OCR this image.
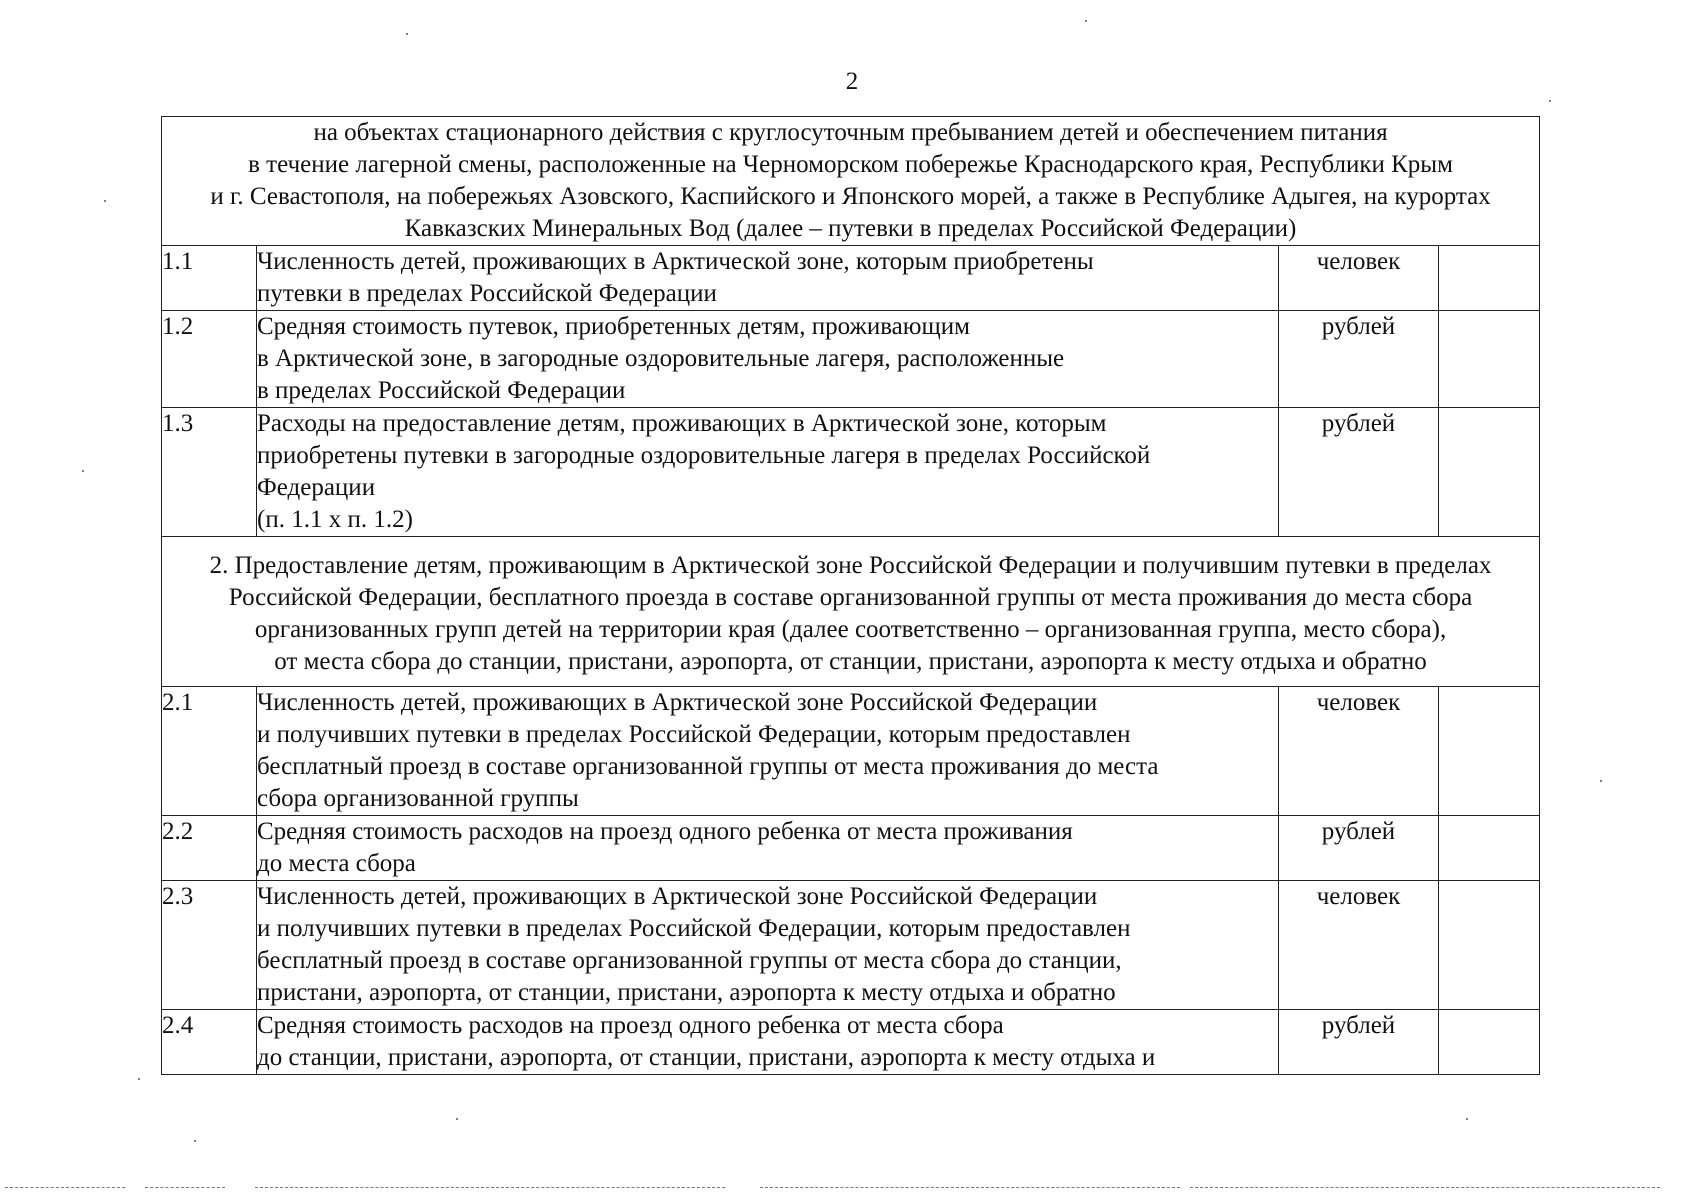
2
на объектах стационарного действия с круглосуточным пребыванием детей и обеспечением питания
в течение лагерной смены, расположенные на Черноморском побережье Краснодарского края, Республики Крым
и г. Севастополя, на побережьях Азовского, Каспийского и Японского морей, а также в Республике Адыгея, на курортах
Кавказских Минеральных Вод (далее – путевки в пределах Российской Федерации)			

1.1	Численность детей, проживающих в Арктической зоне, которым приобретены
путевки в пределах Российской Федерации	человек	
1.2	Средняя стоимость путевок, приобретенных детям, проживающим
в Арктической зоне, в загородные оздоровительные лагеря, расположенные
в пределах Российской Федерации	рублей	
1.3	Расходы на предоставление детям, проживающих в Арктической зоне, которым
приобретены путевки в загородные оздоровительные лагеря в пределах Российской
Федерации
(п. 1.1 х п. 1.2)	рублей	

2. Предоставление детям, проживающим в Арктической зоне Российской Федерации и получившим путевки в пределах
Российской Федерации, бесплатного проезда в составе организованной группы от места проживания до места сбора
организованных групп детей на территории края (далее соответственно – организованная группа, место сбора),
от места сбора до станции, пристани, аэропорта, от станции, пристани, аэропорта к месту отдыха и обратно			

2.1	Численность детей, проживающих в Арктической зоне Российской Федерации
и получивших путевки в пределах Российской Федерации, которым предоставлен
бесплатный проезд в составе организованной группы от места проживания до места
сбора организованной группы	человек	
2.2	Средняя стоимость расходов на проезд одного ребенка от места проживания
до места сбора	рублей	
2.3	Численность детей, проживающих в Арктической зоне Российской Федерации
и получивших путевки в пределах Российской Федерации, которым предоставлен
бесплатный проезд в составе организованной группы от места сбора до станции,
пристани, аэропорта, от станции, пристани, аэропорта к месту отдыха и обратно	человек	
2.4	Средняя стоимость расходов на проезд одного ребенка от места сбора
до станции, пристани, аэропорта, от станции, пристани, аэропорта к месту отдыха и	рублей	
